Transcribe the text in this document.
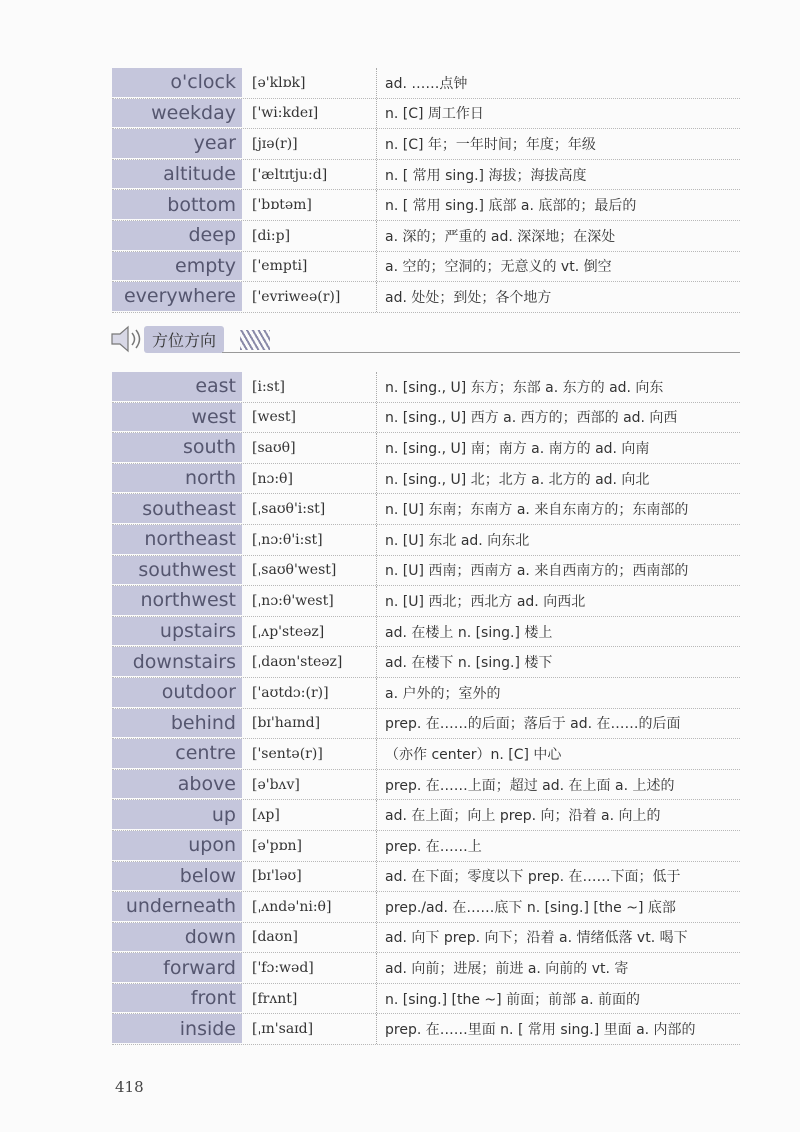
o'clock	[ə'klɒk]	ad. ……点钟
weekday	['wi:kdeɪ]	n. [C] 周工作日
year	[jɪə(r)]	n. [C] 年；一年时间；年度；年级
altitude	['æltɪtju:d]	n. [ 常用 sing.] 海拔；海拔高度
bottom	['bɒtəm]	n. [ 常用 sing.] 底部 a. 底部的；最后的
deep	[di:p]	a. 深的；严重的 ad. 深深地；在深处
empty	['empti]	a. 空的；空洞的；无意义的 vt. 倒空
everywhere	['evriweə(r)]	ad. 处处；到处；各个地方
方位方向
east	[i:st]	n. [sing., U] 东方；东部 a. 东方的 ad. 向东
west	[west]	n. [sing., U] 西方 a. 西方的；西部的 ad. 向西
south	[saʊθ]	n. [sing., U] 南；南方 a. 南方的 ad. 向南
north	[nɔ:θ]	n. [sing., U] 北；北方 a. 北方的 ad. 向北
southeast	[ˌsaʊθ'i:st]	n. [U] 东南；东南方 a. 来自东南方的；东南部的
northeast	[ˌnɔ:θ'i:st]	n. [U] 东北 ad. 向东北
southwest	[ˌsaʊθ'west]	n. [U] 西南；西南方 a. 来自西南方的；西南部的
northwest	[ˌnɔ:θ'west]	n. [U] 西北；西北方 ad. 向西北
upstairs	[ˌʌp'steəz]	ad. 在楼上 n. [sing.] 楼上
downstairs	[ˌdaʊn'steəz]	ad. 在楼下 n. [sing.] 楼下
outdoor	['aʊtdɔ:(r)]	a. 户外的；室外的
behind	[bɪ'haɪnd]	prep. 在……的后面；落后于 ad. 在……的后面
centre	['sentə(r)]	（亦作 center）n. [C] 中心
above	[ə'bʌv]	prep. 在……上面；超过 ad. 在上面 a. 上述的
up	[ʌp]	ad. 在上面；向上 prep. 向；沿着 a. 向上的
upon	[ə'pɒn]	prep. 在……上
below	[bɪ'ləʊ]	ad. 在下面；零度以下 prep. 在……下面；低于
underneath	[ˌʌndə'ni:θ]	prep./ad. 在……底下 n. [sing.] [the ~] 底部
down	[daʊn]	ad. 向下 prep. 向下；沿着 a. 情绪低落 vt. 喝下
forward	['fɔ:wəd]	ad. 向前；进展；前进 a. 向前的 vt. 寄
front	[frʌnt]	n. [sing.] [the ~] 前面；前部 a. 前面的
inside	[ˌɪn'saɪd]	prep. 在……里面 n. [ 常用 sing.] 里面 a. 内部的
418
